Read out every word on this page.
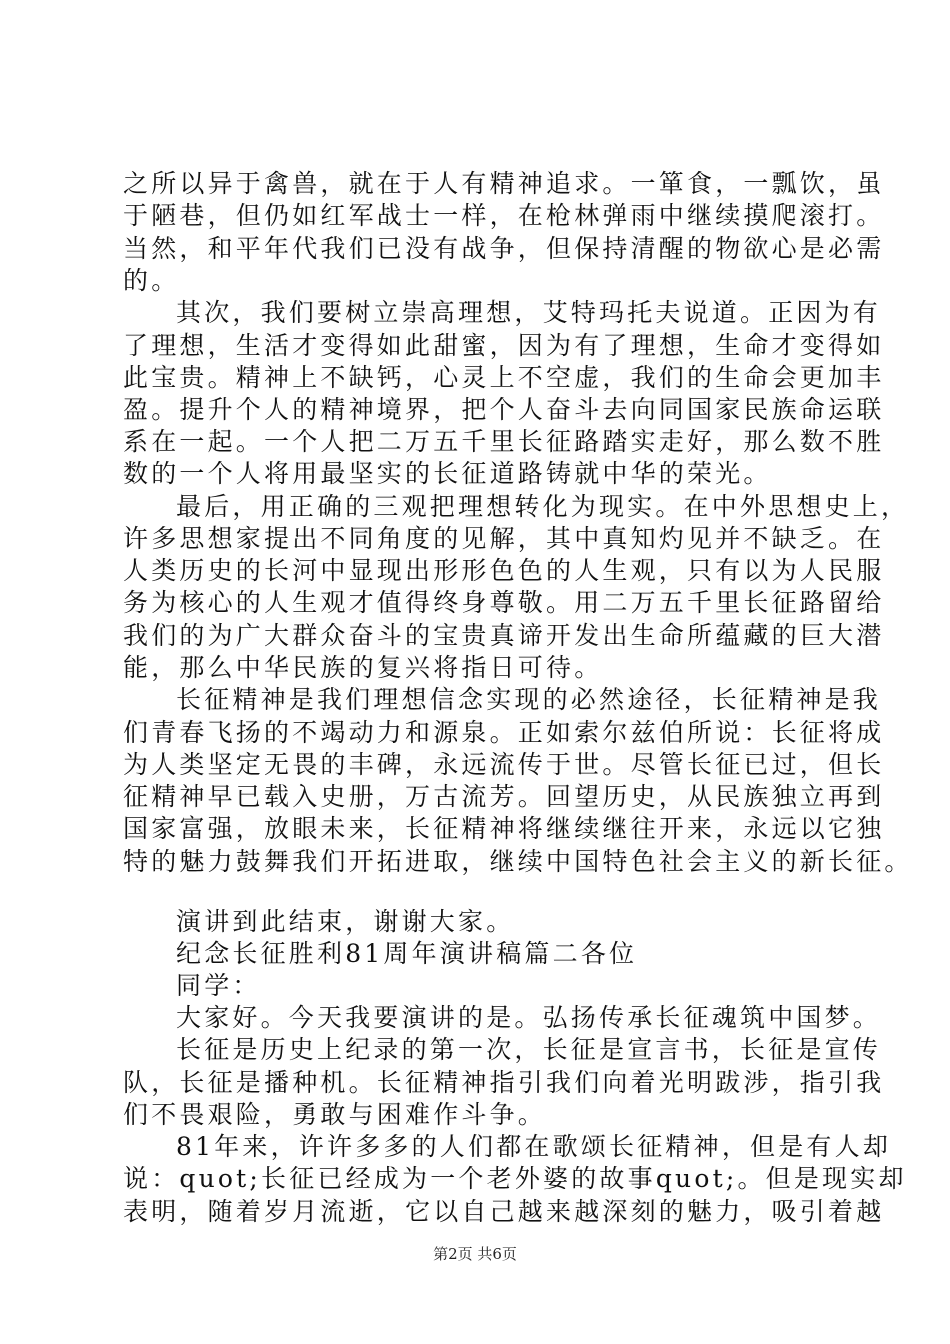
之所以异于禽兽，就在于人有精神追求。一箪食，一瓢饮，虽
于陋巷，但仍如红军战士一样，在枪林弹雨中继续摸爬滚打。
当然，和平年代我们已没有战争，但保持清醒的物欲心是必需
的。
其次，我们要树立崇高理想，艾特玛托夫说道。正因为有
了理想，生活才变得如此甜蜜，因为有了理想，生命才变得如
此宝贵。精神上不缺钙，心灵上不空虚，我们的生命会更加丰
盈。提升个人的精神境界，把个人奋斗去向同国家民族命运联
系在一起。一个人把二万五千里长征路踏实走好，那么数不胜
数的一个人将用最坚实的长征道路铸就中华的荣光。
最后，用正确的三观把理想转化为现实。在中外思想史上，
许多思想家提出不同角度的见解，其中真知灼见并不缺乏。在
人类历史的长河中显现出形形色色的人生观，只有以为人民服
务为核心的人生观才值得终身尊敬。用二万五千里长征路留给
我们的为广大群众奋斗的宝贵真谛开发出生命所蕴藏的巨大潜
能，那么中华民族的复兴将指日可待。
长征精神是我们理想信念实现的必然途径，长征精神是我
们青春飞扬的不竭动力和源泉。正如索尔兹伯所说：长征将成
为人类坚定无畏的丰碑，永远流传于世。尽管长征已过，但长
征精神早已载入史册，万古流芳。回望历史，从民族独立再到
国家富强，放眼未来，长征精神将继续继往开来，永远以它独
特的魅力鼓舞我们开拓进取，继续中国特色社会主义的新长征。
演讲到此结束，谢谢大家。
纪念长征胜利81周年演讲稿篇二各位
同学：
大家好。今天我要演讲的是。弘扬传承长征魂筑中国梦。
长征是历史上纪录的第一次，长征是宣言书，长征是宣传
队，长征是播种机。长征精神指引我们向着光明跋涉，指引我
们不畏艰险，勇敢与困难作斗争。
81年来，许许多多的人们都在歌颂长征精神，但是有人却
说：quot;长征已经成为一个老外婆的故事quot;。但是现实却
表明，随着岁月流逝，它以自己越来越深刻的魅力，吸引着越
第2页 共6页
